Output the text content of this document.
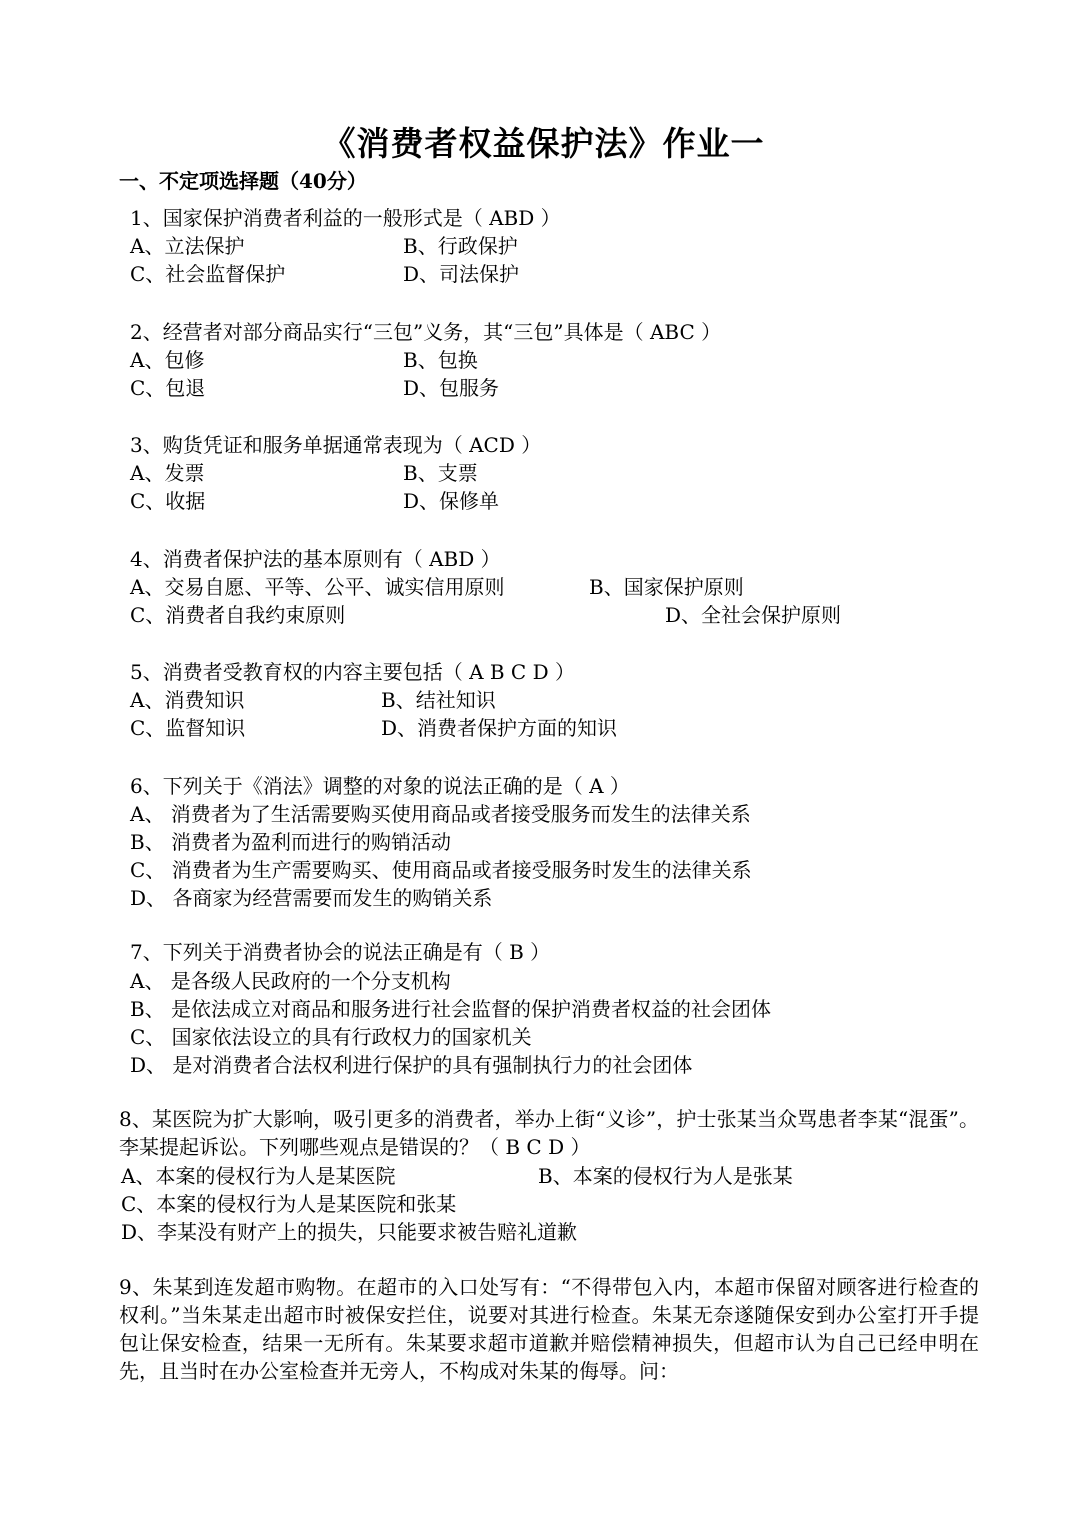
《消费者权益保护法》作业一
一、不定项选择题（40分）
1、国家保护消费者利益的一般形式是（ ABD ）
A、立法保护	B、行政保护
C、社会监督保护	D、司法保护
2、经营者对部分商品实行“三包”义务，其“三包”具体是（ ABC ）
A、包修	B、包换
C、包退	D、包服务
3、购货凭证和服务单据通常表现为（ ACD ）
A、发票	B、支票
C、收据	D、保修单
4、消费者保护法的基本原则有（ ABD ）
A、交易自愿、平等、公平、诚实信用原则	B、国家保护原则
C、消费者自我约束原则	D、全社会保护原则
5、消费者受教育权的内容主要包括（ A B C D ）
A、消费知识	B、结社知识
C、监督知识	D、消费者保护方面的知识
6、下列关于《消法》调整的对象的说法正确的是（ A ）
A、 消费者为了生活需要购买使用商品或者接受服务而发生的法律关系
B、 消费者为盈利而进行的购销活动
C、 消费者为生产需要购买、使用商品或者接受服务时发生的法律关系
D、 各商家为经营需要而发生的购销关系
7、下列关于消费者协会的说法正确是有（ B ）
A、 是各级人民政府的一个分支机构
B、 是依法成立对商品和服务进行社会监督的保护消费者权益的社会团体
C、 国家依法设立的具有行政权力的国家机关
D、 是对消费者合法权利进行保护的具有强制执行力的社会团体
8、某医院为扩大影响，吸引更多的消费者，举办上街“义诊”，护士张某当众骂患者李某“混蛋”。李某提起诉讼。下列哪些观点是错误的？（ B C D ）
A、本案的侵权行为人是某医院	B、本案的侵权行为人是张某
C、本案的侵权行为人是某医院和张某
D、李某没有财产上的损失，只能要求被告赔礼道歉
9、朱某到连发超市购物。在超市的入口处写有：“不得带包入内，本超市保留对顾客进行检查的权利。”当朱某走出超市时被保安拦住，说要对其进行检查。朱某无奈遂随保安到办公室打开手提包让保安检查，结果一无所有。朱某要求超市道歉并赔偿精神损失，但超市认为自己已经申明在先，且当时在办公室检查并无旁人，不构成对朱某的侮辱。问：
